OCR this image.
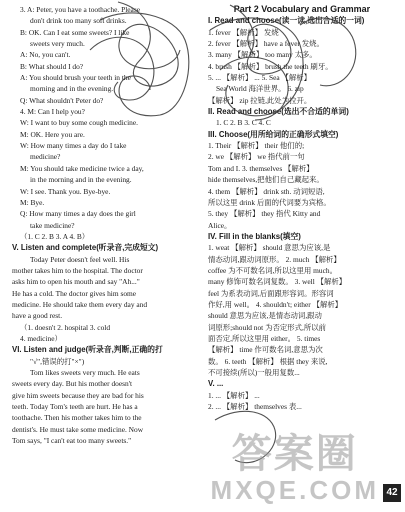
3. A: Peter, you have a toothache. Please
don't drink too many soft drinks.
B: OK. Can I eat some sweets? I like
sweets very much.
A: No, you can't.
B: What should I do?
A: You should brush your teeth in the
morning and in the evening.
Q: What shouldn't Peter do?
4. M: Can I help you?
W: I want to buy some cough medicine.
M: OK. Here you are.
W: How many times a day do I take
medicine?
M: You should take medicine twice a day,
in the morning and in the evening.
W: I see. Thank you. Bye-bye.
M: Bye.
Q: How many times a day does the girl
take medicine?
（1. C 2. B 3. A 4. B）
V. Listen and complete(听录音,完成短文)
Today Peter doesn't feel well. His
mother takes him to the hospital. The doctor
asks him to open his mouth and say "Ah..."
He has a cold. The doctor gives him some
medicine. He should take them every day and
have a good rest.
（1. doesn't 2. hospital 3. cold
4. medicine）
VI. Listen and judge(听录音,判断,正确的打
"√",错误的打"×")
Tom likes sweets very much. He eats
sweets every day. But his mother doesn't
give him sweets because they are bad for his
teeth. Today Tom's teeth are hurt. He has a
toothache. Then his mother takes him to the
dentist's. He must take some medicine. Now
Tom says, "I can't eat too many sweets."
Part 2 Vocabulary and Grammar
I. Read and choose(读一读,选出合适的一词)
1. fever 【解析】 发烧
2. fever 【解析】 have a fever 发烧。
3. many 【解析】 too many 太多。
4. brush 【解析】 brush the teeth 刷牙。
5. ... 【解析】 ... 5. Sea 【解析】
Sea World 海洋世界。 6. zip
【解析】 zip 拉链,此处为拉开。
II. Read and choose(选出不合适的单词)
1. C 2. B 3. C 4. C
III. Choose(用所给词的正确形式填空)
1. Their 【解析】 their 他们的;
2. we 【解析】 we 指代前一句
Tom and I. 3. themselves 【解析】
hide themselves,把他们自己藏起来。
4. them 【解析】 drink sth. 动词短语,
所以这里 drink 后面的代词要为宾格。
5. they 【解析】 they 指代 Kitty and
Alice。
IV. Fill in the blanks(填空)
1. weat 【解析】 should 意思为应该,是
情态动词,跟动词原形。 2. much 【解析】
coffee 为不可数名词,所以这里用 much。
many 修饰可数名词复数。 3. well 【解析】
feel 为系表动词,后面跟形容词。形容词
作好,用 well。 4. shouldn't; either 【解析】
should 意思为应该,是情态动词,跟动
词原形;should not 为否定形式,所以前
面否定,所以这里用 either。 5. times
【解析】 time 作可数名词,意思为次
数。 6. teeth 【解析】 根据 they 来说,
不可接续(所以)一般用复数...
V. ...
1. ... 【解析】 ...
2. ... 【解析】 themselves 表...
答案圈
MXQE.COM 42
